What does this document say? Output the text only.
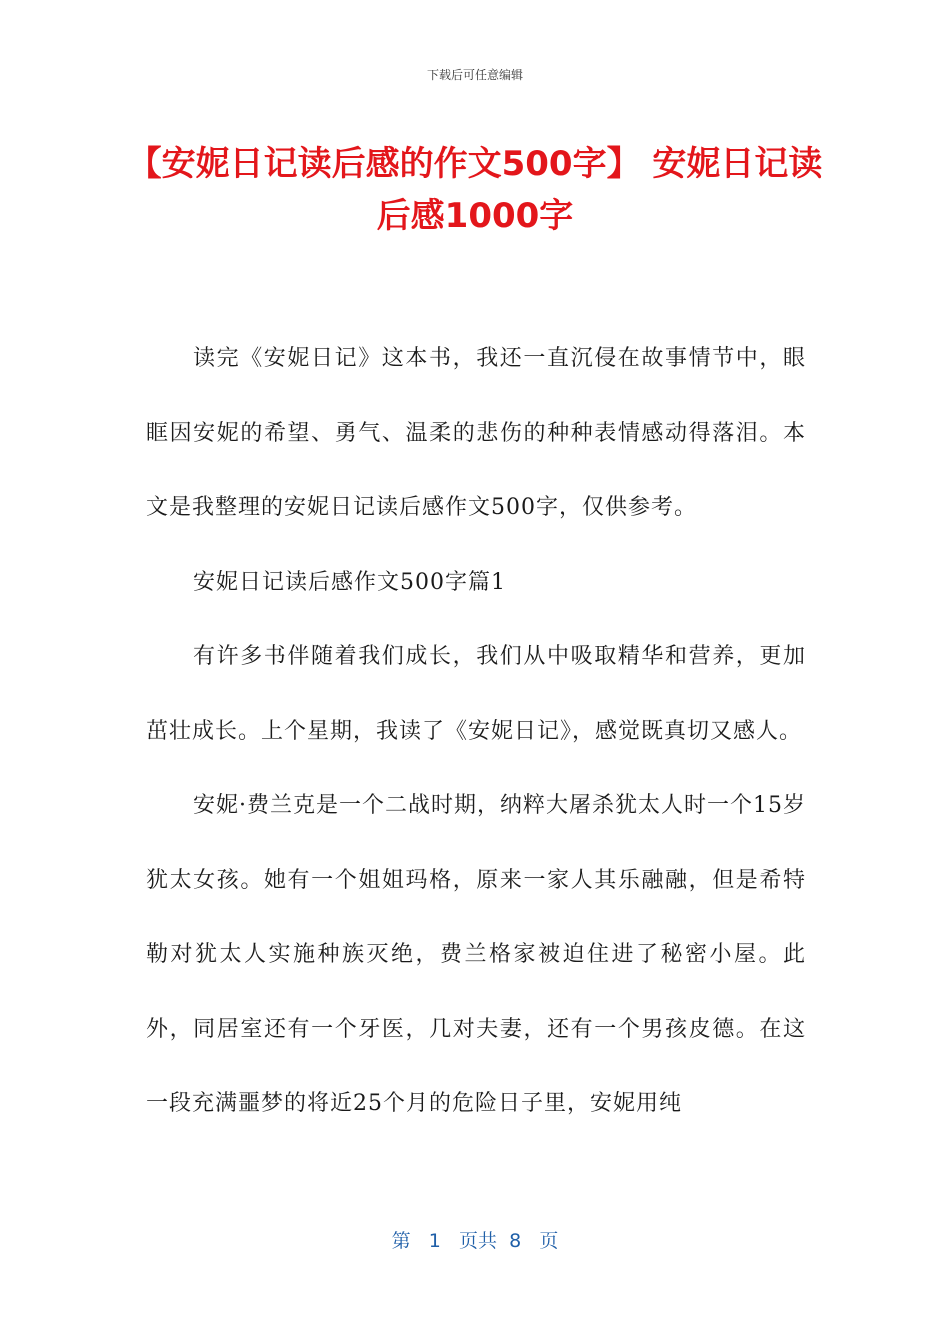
下载后可任意编辑
【安妮日记读后感的作文500字】 安妮日记读后感1000字

读完《安妮日记》这本书，我还一直沉侵在故事情节中，眼眶因安妮的希望、勇气、温柔的悲伤的种种表情感动得落泪。本文是我整理的安妮日记读后感作文500字，仅供参考。

安妮日记读后感作文500字篇1

有许多书伴随着我们成长，我们从中吸取精华和营养，更加茁壮成长。上个星期，我读了《安妮日记》，感觉既真切又感人。

安妮·费兰克是一个二战时期，纳粹大屠杀犹太人时一个15岁犹太女孩。她有一个姐姐玛格，原来一家人其乐融融，但是希特勒对犹太人实施种族灭绝，费兰格家被迫住进了秘密小屋。此外，同居室还有一个牙医，几对夫妻，还有一个男孩皮德。在这一段充满噩梦的将近25个月的危险日子里，安妮用纯

第 1 页共 8 页
